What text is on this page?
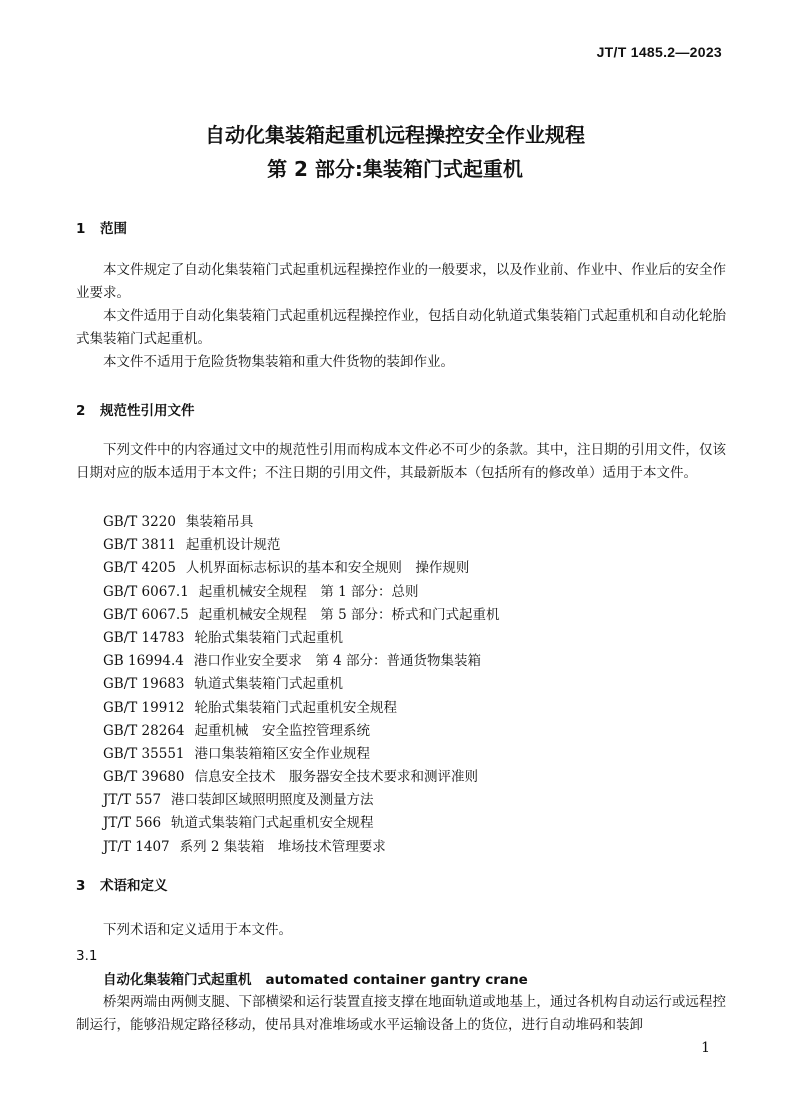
JT/T 1485.2—2023
自动化集装箱起重机远程操控安全作业规程
第 2 部分:集装箱门式起重机
1 范围

本文件规定了自动化集装箱门式起重机远程操控作业的一般要求，以及作业前、作业中、作业后的安全作业要求。

本文件适用于自动化集装箱门式起重机远程操控作业，包括自动化轨道式集装箱门式起重机和自动化轮胎式集装箱门式起重机。

本文件不适用于危险货物集装箱和重大件货物的装卸作业。

2 规范性引用文件

下列文件中的内容通过文中的规范性引用而构成本文件必不可少的条款。其中，注日期的引用文件，仅该日期对应的版本适用于本文件；不注日期的引用文件，其最新版本（包括所有的修改单）适用于本文件。

GB/T 3220 集装箱吊具
GB/T 3811 起重机设计规范
GB/T 4205 人机界面标志标识的基本和安全规则　操作规则
GB/T 6067.1 起重机械安全规程　第 1 部分：总则
GB/T 6067.5 起重机械安全规程　第 5 部分：桥式和门式起重机
GB/T 14783 轮胎式集装箱门式起重机
GB 16994.4 港口作业安全要求　第 4 部分：普通货物集装箱
GB/T 19683 轨道式集装箱门式起重机
GB/T 19912 轮胎式集装箱门式起重机安全规程
GB/T 28264 起重机械　安全监控管理系统
GB/T 35551 港口集装箱箱区安全作业规程
GB/T 39680 信息安全技术　服务器安全技术要求和测评准则
JT/T 557 港口装卸区域照明照度及测量方法
JT/T 566 轨道式集装箱门式起重机安全规程
JT/T 1407 系列 2 集装箱　堆场技术管理要求
3 术语和定义

下列术语和定义适用于本文件。

3.1
自动化集装箱门式起重机 automated container gantry crane

桥架两端由两侧支腿、下部横梁和运行装置直接支撑在地面轨道或地基上，通过各机构自动运行或远程控制运行，能够沿规定路径移动，使吊具对准堆场或水平运输设备上的货位，进行自动堆码和装卸

1
